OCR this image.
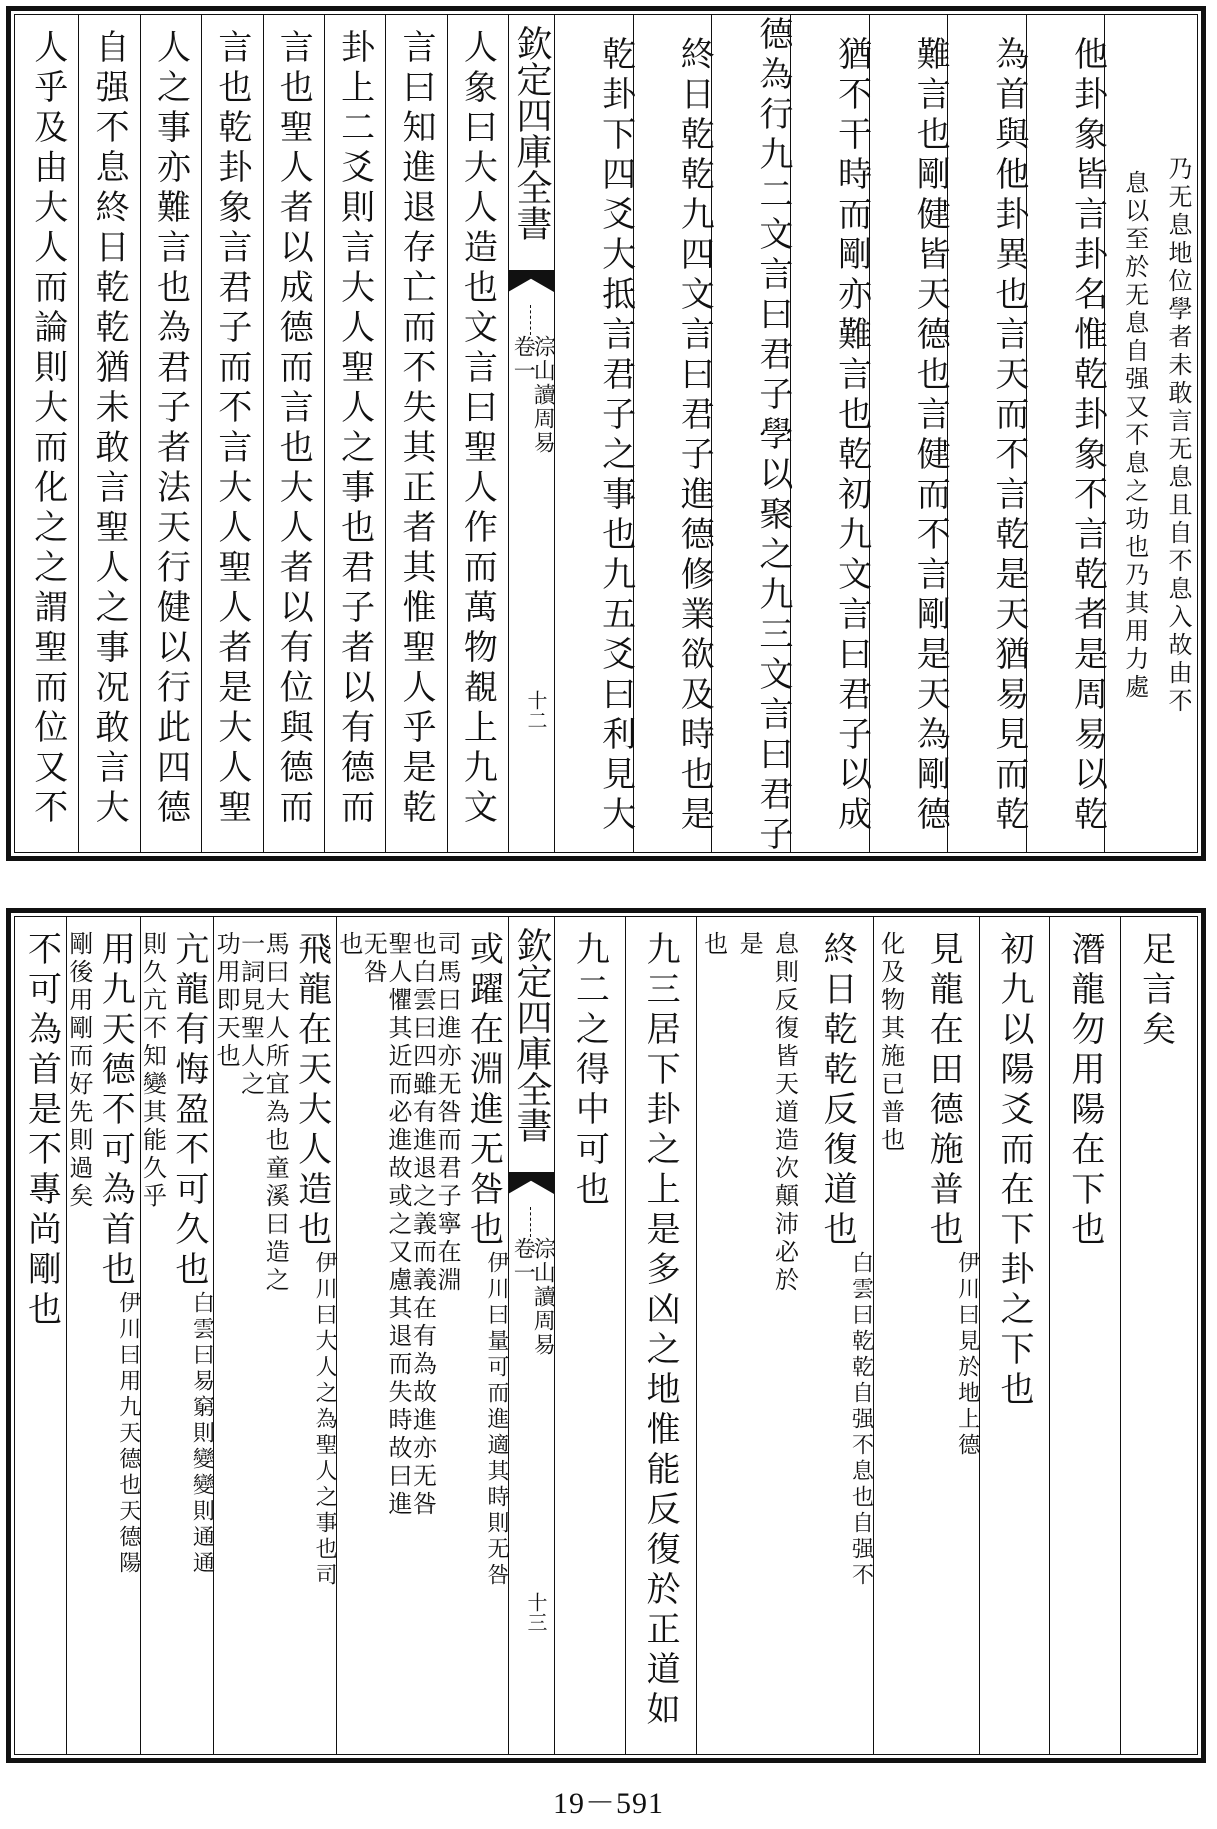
欽定四庫全書
卷一
淙山讀周易
十二	乃无息地位學者未敢言无息且自不息入故由不
息以至於无息自强又不息之功也乃其用力處
他卦象皆言卦名惟乾卦象不言乾者是周易以乾
為首與他卦異也言天而不言乾是天猶易見而乾
難言也剛健皆天德也言健而不言剛是天為剛德
猶不干時而剛亦難言也乾初九文言曰君子以成
德為行九二文言曰君子學以聚之九三文言曰君子
終日乾乾九四文言曰君子進德修業欲及時也是
乾卦下四爻大抵言君子之事也九五爻曰利見大
人象曰大人造也文言曰聖人作而萬物覩上九文
言曰知進退存亡而不失其正者其惟聖人乎是乾
卦上二爻則言大人聖人之事也君子者以有德而
言也聖人者以成德而言也大人者以有位與德而
言也乾卦象言君子而不言大人聖人者是大人聖
人之事亦難言也為君子者法天行健以行此四德
自强不息終日乾乾猶未敢言聖人之事况敢言大
人乎及由大人而論則大而化之之謂聖而位又不
欽定四庫全書
卷一
淙山讀周易
十三
足言矣
潛龍勿用陽在下也
初九以陽爻而在下卦之下也
見龍在田德施普也
伊川曰見於地上德
化及物其施已普也
終日乾乾反復道也
白雲曰乾乾自强不息也自强不
息則反復皆天道造次顛沛必於
是
也
九三居下卦之上是多凶之地惟能反復於正道如
九二之得中可也
或躍在淵進无咎也
伊川曰量可而進適其時則无咎
司馬曰進亦无咎而君子寧在淵
也白雲曰四雖有進退之義而義在有為故進亦无咎
聖人懼其近而必進故或之又慮其退而失時故曰進
无咎
也
飛龍在天大人造也
伊川曰大人之為聖人之事也司
馬曰大人所宜為也童溪曰造之
一詞見聖人之
功用即天也
亢龍有悔盈不可久也
白雲曰易窮則變變則通通
則久亢不知變其能久乎
用九天德不可為首也
伊川曰用九天德也天德陽
剛後用剛而好先則過矣
不可為首是不專尚剛也
19－591
